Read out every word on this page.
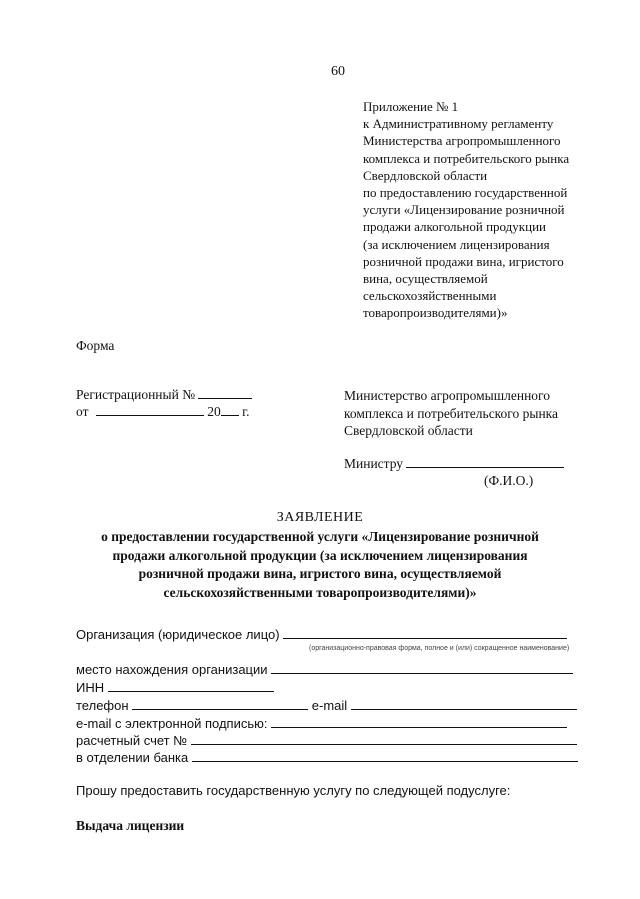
60
Приложение № 1
к Административному регламенту
Министерства агропромышленного
комплекса и потребительского рынка
Свердловской области
по предоставлению государственной
услуги «Лицензирование розничной
продажи алкогольной продукции
(за исключением лицензирования
розничной продажи вина, игристого
вина, осуществляемой
сельскохозяйственными
товаропроизводителями)»
Форма
Регистрационный №
от	20 г.
Министерство агропромышленного
комплекса и потребительского рынка
Свердловской области
Министру
(Ф.И.О.)
ЗАЯВЛЕНИЕ
о предоставлении государственной услуги «Лицензирование розничной
продажи алкогольной продукции (за исключением лицензирования
розничной продажи вина, игристого вина, осуществляемой
сельскохозяйственными товаропроизводителями)»
Организация (юридическое лицо)
(организационно-правовая форма, полное и (или) сокращенное наименование)
место нахождения организации
ИНН
телефон	e-mail
e-mail с электронной подписью:
расчетный счет №
в отделении банка
Прошу предоставить государственную услугу по следующей подуслуге:
Выдача лицензии
